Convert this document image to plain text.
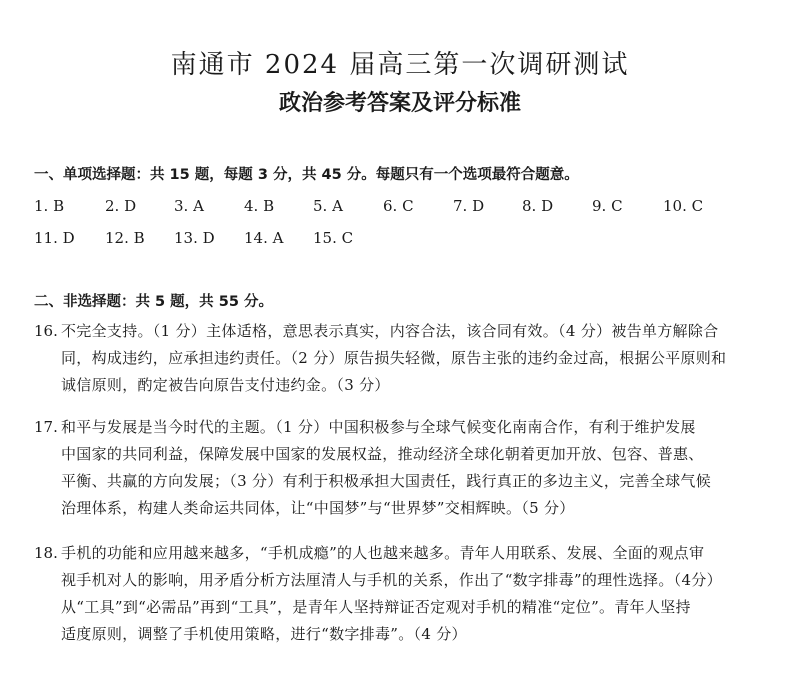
南通市 2024 届高三第一次调研测试
政治参考答案及评分标准
一、单项选择题：共 15 题，每题 3 分，共 45 分。每题只有一个选项最符合题意。
1. B	2. D	3. A	4. B	5. A	6. C	7. D	8. D	9. C	10. C
11. D 12. B 13. D 14. A 15. C
二、非选择题：共 5 题，共 55 分。
16. 不完全支持。（1 分）主体适格，意思表示真实，内容合法，该合同有效。（4 分）被告单方解除合
同，构成违约，应承担违约责任。（2 分）原告损失轻微，原告主张的违约金过高，根据公平原则和
诚信原则，酌定被告向原告支付违约金。（3 分）
17. 和平与发展是当今时代的主题。（1 分）中国积极参与全球气候变化南南合作，有利于维护发展
中国家的共同利益，保障发展中国家的发展权益，推动经济全球化朝着更加开放、包容、普惠、
平衡、共赢的方向发展；（3 分）有利于积极承担大国责任，践行真正的多边主义，完善全球气候
治理体系，构建人类命运共同体，让“中国梦”与“世界梦”交相辉映。（5 分）
18. 手机的功能和应用越来越多，“手机成瘾”的人也越来越多。青年人用联系、发展、全面的观点审
视手机对人的影响，用矛盾分析方法厘清人与手机的关系，作出了“数字排毒”的理性选择。（4分）
从“工具”到“必需品”再到“工具”，是青年人坚持辩证否定观对手机的精准“定位”。青年人坚持
适度原则，调整了手机使用策略，进行“数字排毒”。（4 分）
